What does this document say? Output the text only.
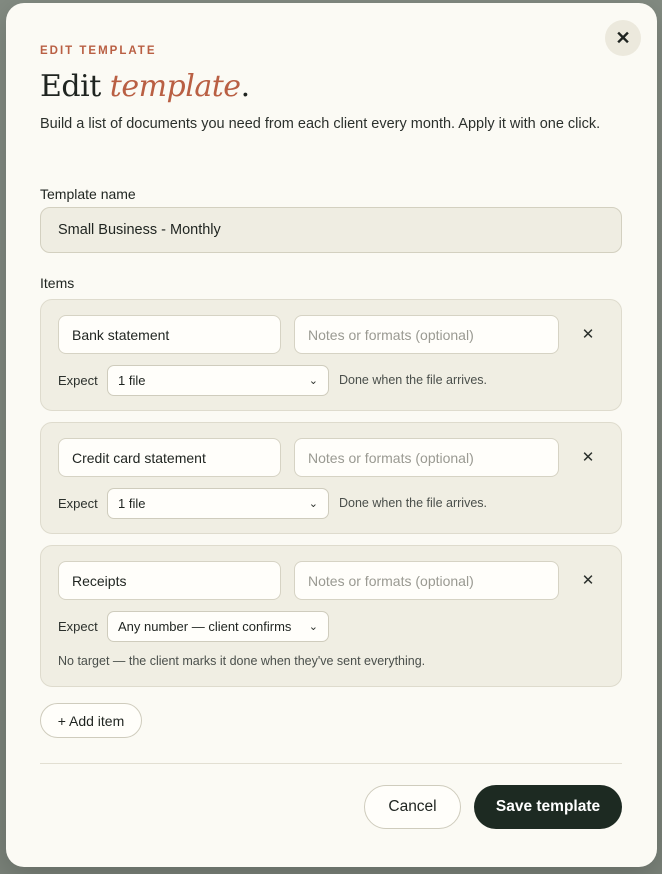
✕
EDIT TEMPLATE
Edit template.

Build a list of documents you need from each client every month. Apply it with one click.

Template name
Small Business - Monthly
Items
Bank statement
Notes or formats (optional)
✕
Expect 1 file	⌄ Done when the file arrives.
Credit card statement
Notes or formats (optional)
✕
Expect 1 file	⌄ Done when the file arrives.
Receipts
Notes or formats (optional)
✕
Expect Any number — client confirms ⌄
No target — the client marks it done when they've sent everything.
+ Add item
Cancel	Save template
